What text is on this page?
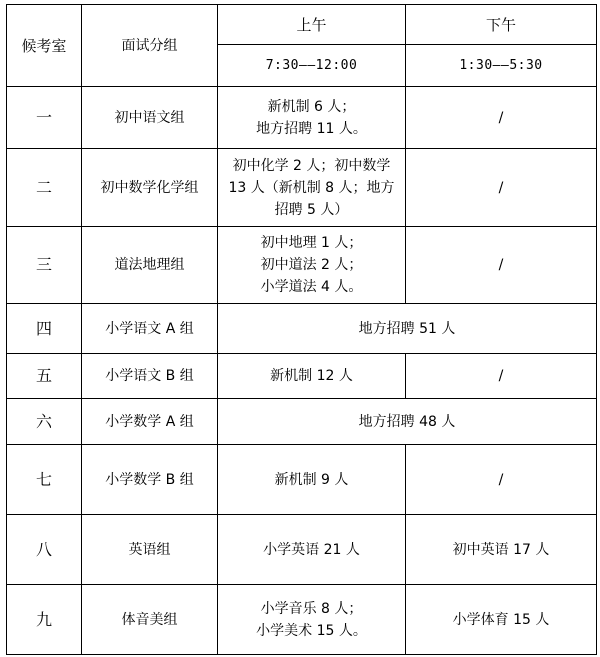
候考室	面试分组	上午	下午
		7:30——12:00	1:30——5:30
一	初中语文组	新机制 6 人；
地方招聘 11 人。	/
二	初中数学化学组	初中化学 2 人；初中数学
13 人（新机制 8 人；地方
招聘 5 人）	/
三	道法地理组	初中地理 1 人；
初中道法 2 人；
小学道法 4 人。	/
四	小学语文 A 组	地方招聘 51 人	
五	小学语文 B 组	新机制 12 人	/
六	小学数学 A 组	地方招聘 48 人	
七	小学数学 B 组	新机制 9 人	/
八	英语组	小学英语 21 人	初中英语 17 人
九	体音美组	小学音乐 8 人；
小学美术 15 人。	小学体育 15 人
